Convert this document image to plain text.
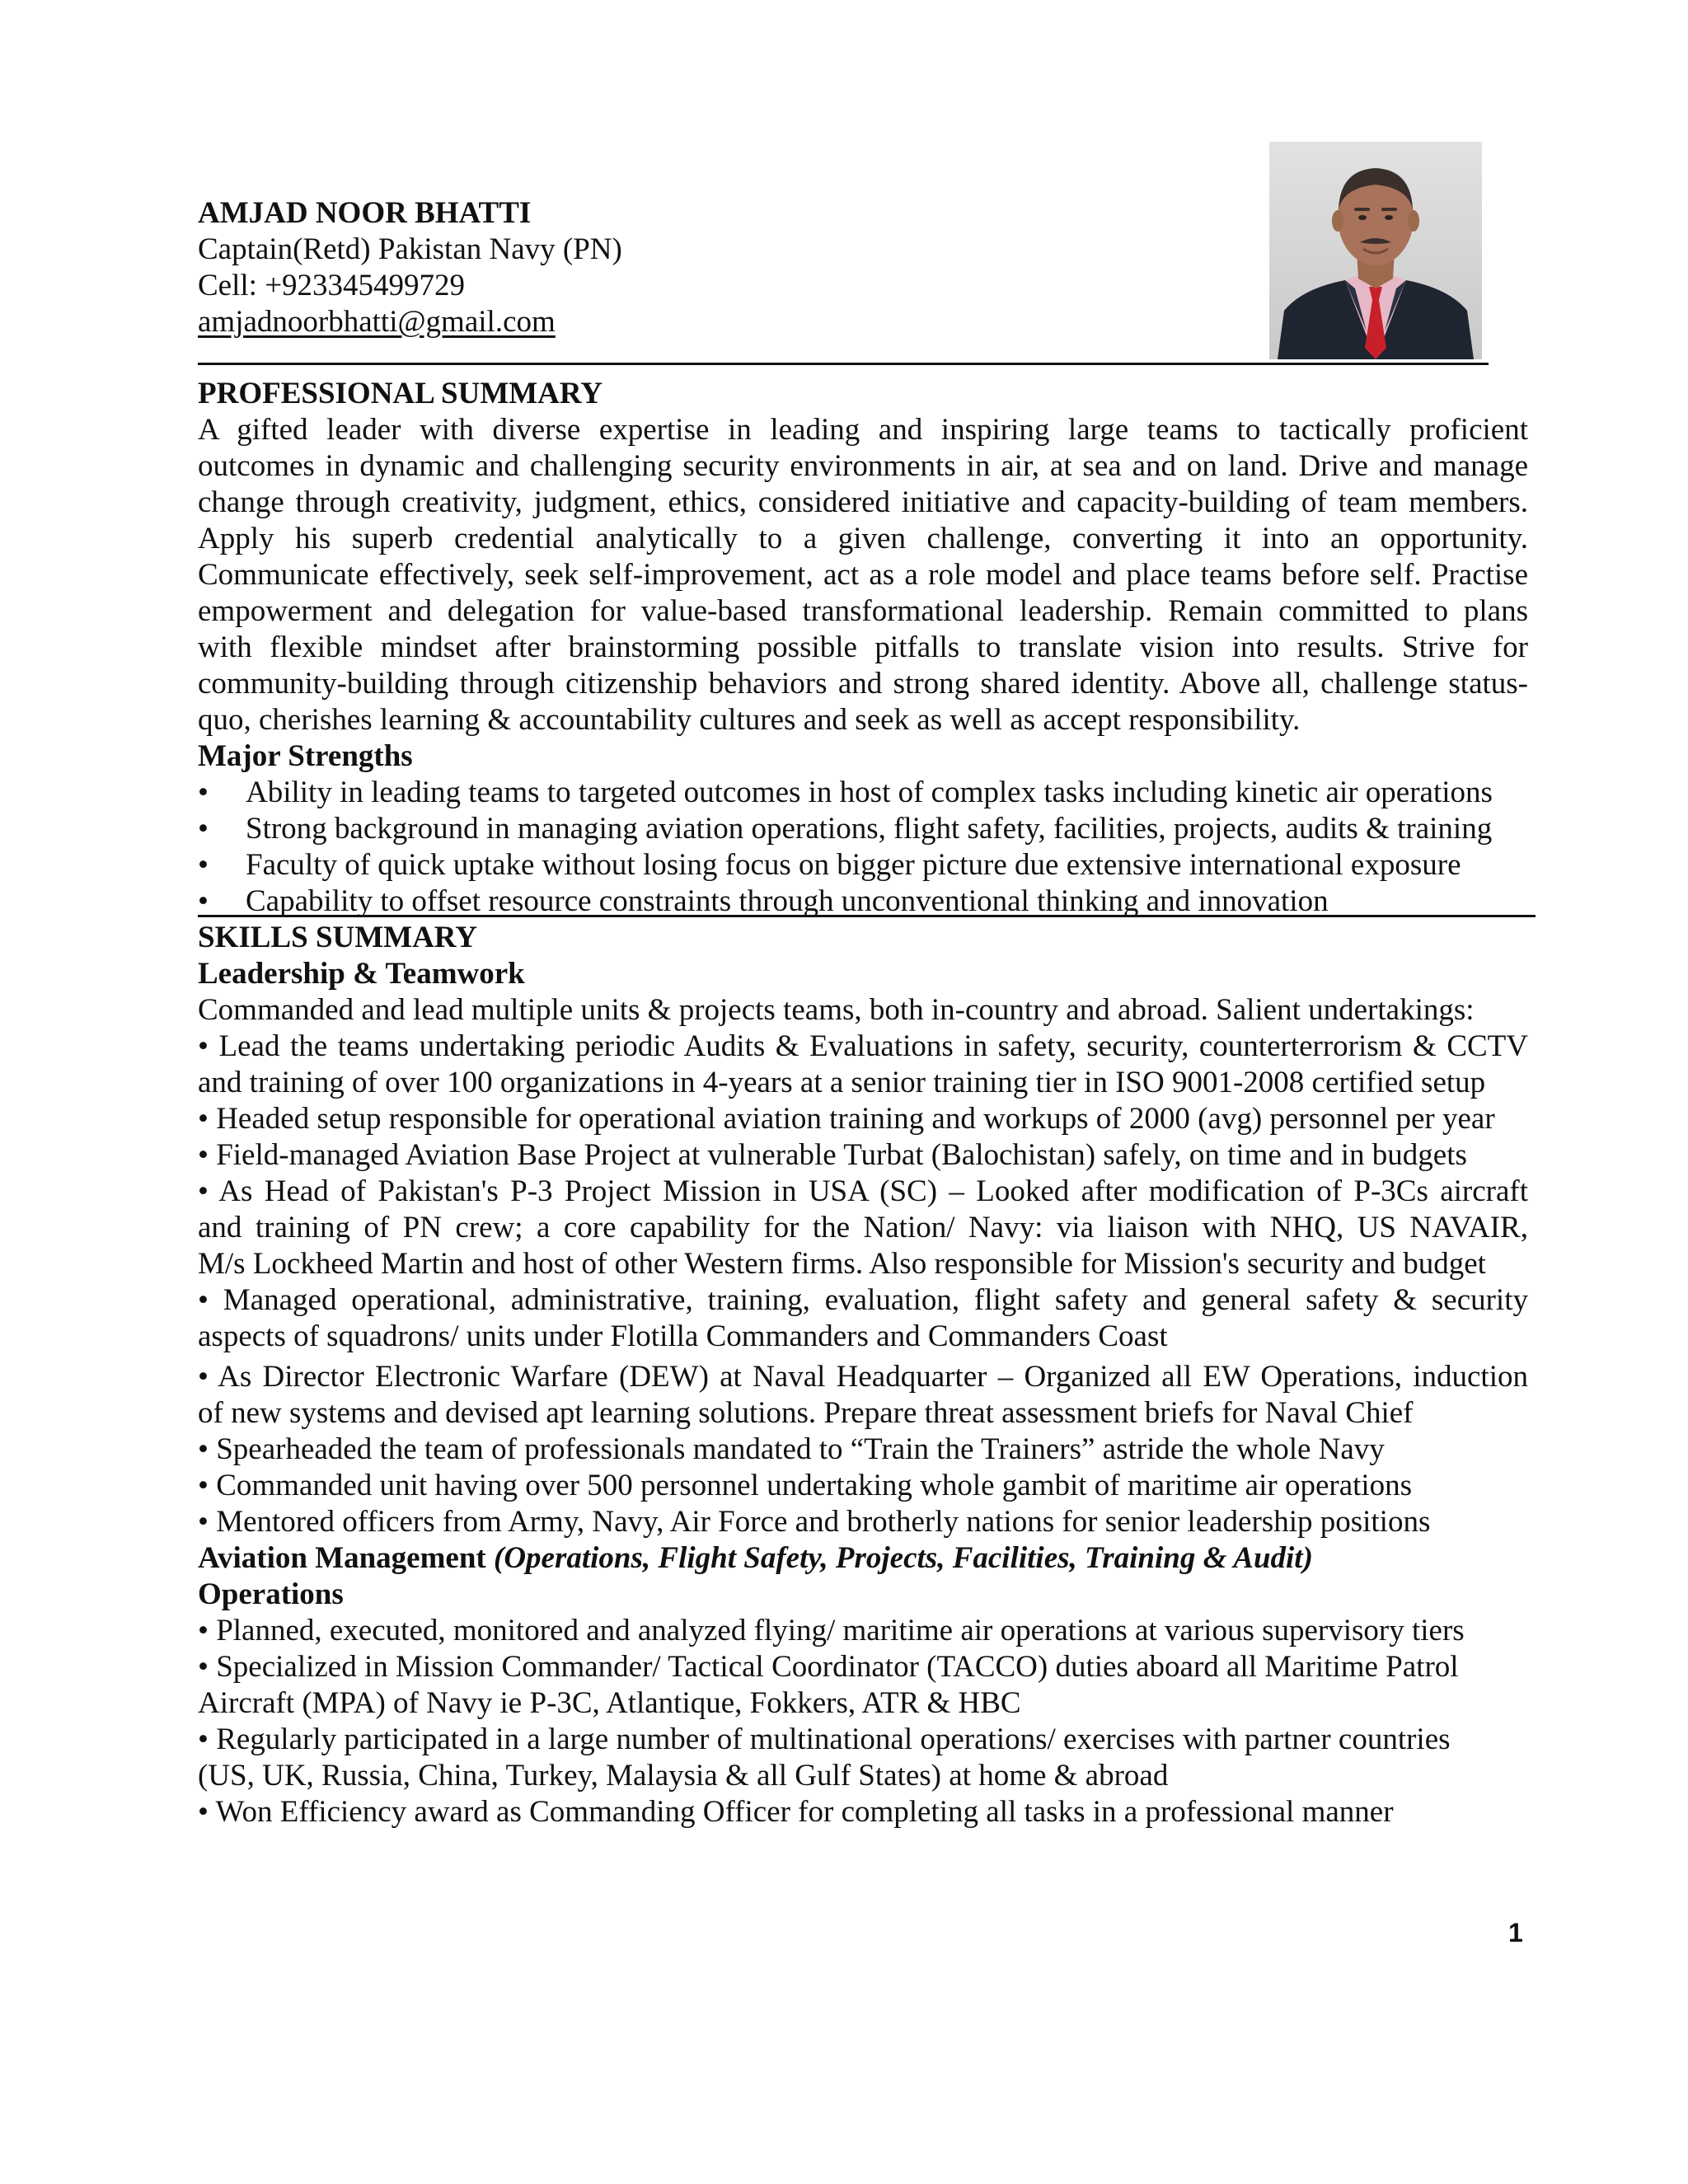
AMJAD NOOR BHATTI
Captain(Retd) Pakistan Navy (PN)
Cell: +923345499729
amjadnoorbhatti@gmail.com
PROFESSIONAL SUMMARY
A gifted leader with diverse expertise in leading and inspiring large teams to tactically proficient
outcomes in dynamic and challenging security environments in air, at sea and on land. Drive and manage
change through creativity, judgment, ethics, considered initiative and capacity-building of team members.
Apply his superb credential analytically to a given challenge, converting it into an opportunity.
Communicate effectively, seek self-improvement, act as a role model and place teams before self. Practise
empowerment and delegation for value-based transformational leadership. Remain committed to plans
with flexible mindset after brainstorming possible pitfalls to translate vision into results. Strive for
community-building through citizenship behaviors and strong shared identity. Above all, challenge status-
quo, cherishes learning & accountability cultures and seek as well as accept responsibility.
Major Strengths
•	Ability in leading teams to targeted outcomes in host of complex tasks including kinetic air operations
•	Strong background in managing aviation operations, flight safety, facilities, projects, audits & training
•	Faculty of quick uptake without losing focus on bigger picture due extensive international exposure
•	Capability to offset resource constraints through unconventional thinking and innovation
SKILLS SUMMARY
Leadership & Teamwork
Commanded and lead multiple units & projects teams, both in-country and abroad. Salient undertakings:
• Lead the teams undertaking periodic Audits & Evaluations in safety, security, counterterrorism & CCTV
and training of over 100 organizations in 4-years at a senior training tier in ISO 9001-2008 certified setup
• Headed setup responsible for operational aviation training and workups of 2000 (avg) personnel per year
• Field-managed Aviation Base Project at vulnerable Turbat (Balochistan) safely, on time and in budgets
• As Head of Pakistan's P-3 Project Mission in USA (SC) – Looked after modification of P-3Cs aircraft
and training of PN crew; a core capability for the Nation/ Navy: via liaison with NHQ, US NAVAIR,
M/s Lockheed Martin and host of other Western firms. Also responsible for Mission's security and budget
• Managed operational, administrative, training, evaluation, flight safety and general safety & security
aspects of squadrons/ units under Flotilla Commanders and Commanders Coast
• As Director Electronic Warfare (DEW) at Naval Headquarter – Organized all EW Operations, induction
of new systems and devised apt learning solutions. Prepare threat assessment briefs for Naval Chief
• Spearheaded the team of professionals mandated to “Train the Trainers” astride the whole Navy
• Commanded unit having over 500 personnel undertaking whole gambit of maritime air operations
• Mentored officers from Army, Navy, Air Force and brotherly nations for senior leadership positions
Aviation Management (Operations, Flight Safety, Projects, Facilities, Training & Audit)
Operations
• Planned, executed, monitored and analyzed flying/ maritime air operations at various supervisory tiers
• Specialized in Mission Commander/ Tactical Coordinator (TACCO) duties aboard all Maritime Patrol
Aircraft (MPA) of Navy ie P-3C, Atlantique, Fokkers, ATR & HBC
• Regularly participated in a large number of multinational operations/ exercises with partner countries
(US, UK, Russia, China, Turkey, Malaysia & all Gulf States) at home & abroad
• Won Efficiency award as Commanding Officer for completing all tasks in a professional manner
1
